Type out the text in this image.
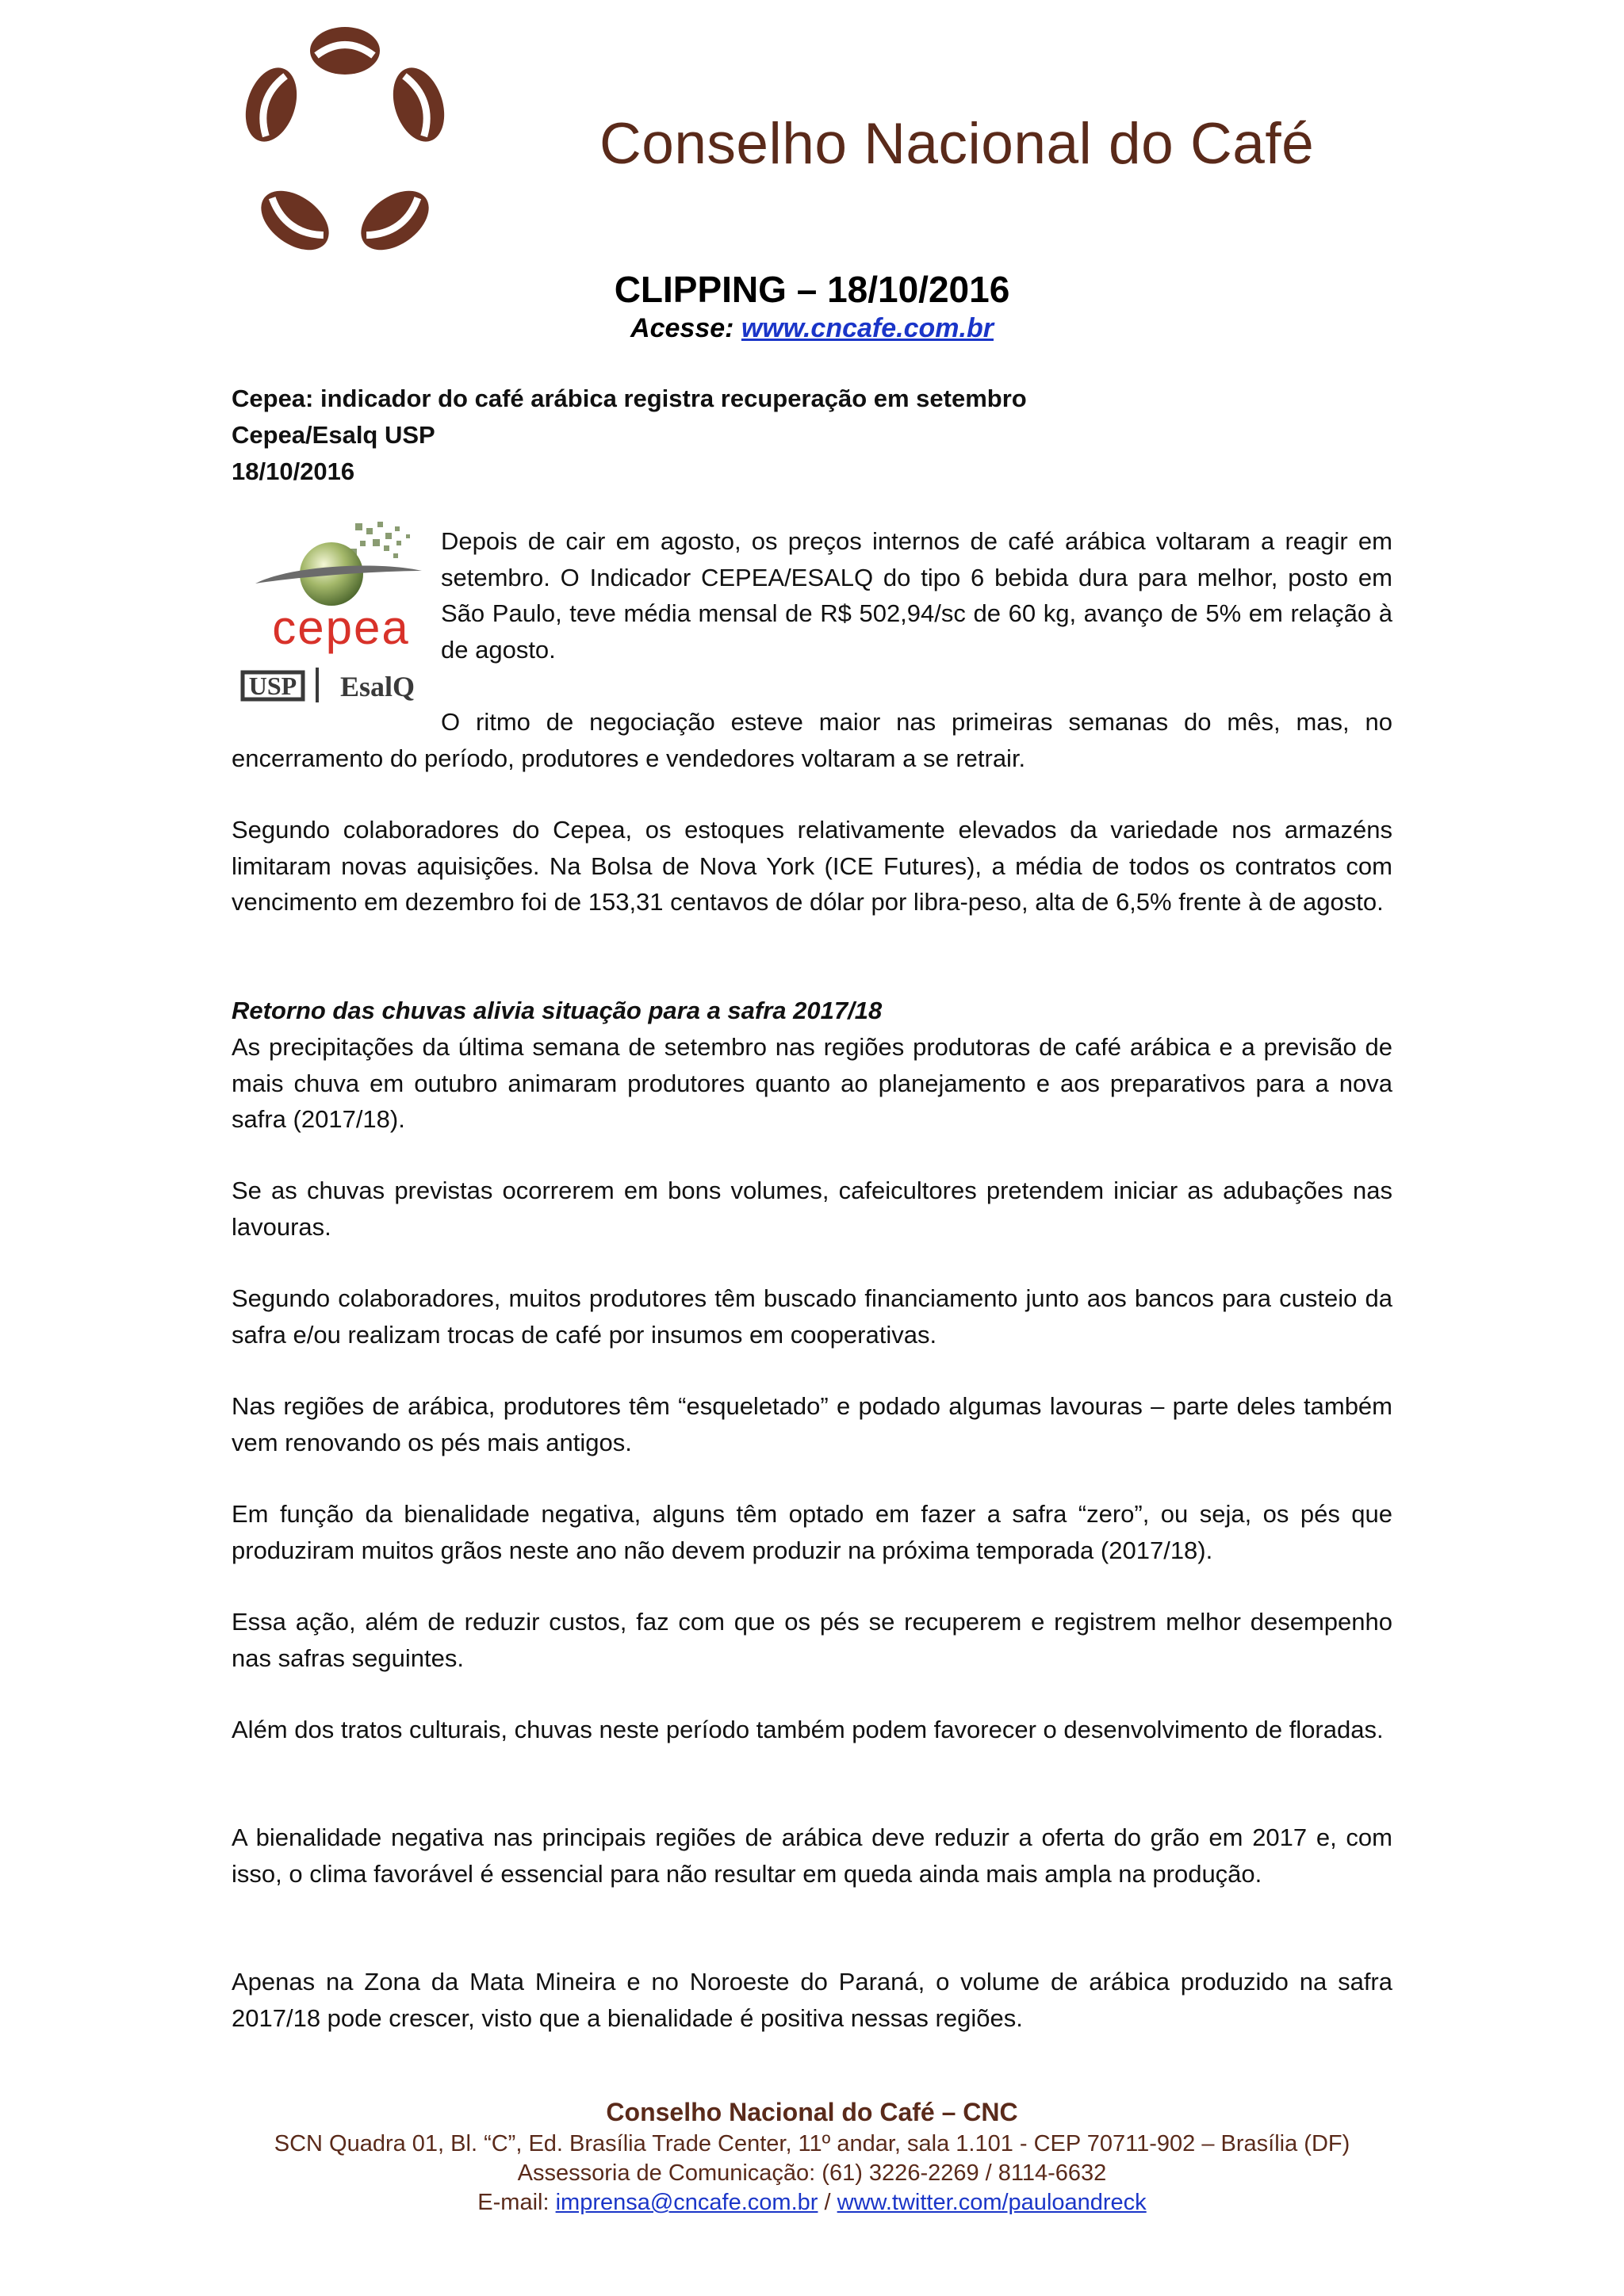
Conselho Nacional do Café
CLIPPING – 18/10/2016
Acesse: www.cncafe.com.br
Cepea: indicador do café arábica registra recuperação em setembro
Cepea/Esalq USP
18/10/2016
cepea
USP EsalQ
Depois de cair em agosto, os preços internos de café arábica voltaram a reagir em setembro. O Indicador CEPEA/ESALQ do tipo 6 bebida dura para melhor, posto em São Paulo, teve média mensal de R$ 502,94/sc de 60 kg, avanço de 5% em relação à de agosto.
O ritmo de negociação esteve maior nas primeiras semanas do mês, mas, no encerramento do período, produtores e vendedores voltaram a se retrair.
Segundo colaboradores do Cepea, os estoques relativamente elevados da variedade nos armazéns limitaram novas aquisições. Na Bolsa de Nova York (ICE Futures), a média de todos os contratos com vencimento em dezembro foi de 153,31 centavos de dólar por libra-peso, alta de 6,5% frente à de agosto.
Retorno das chuvas alivia situação para a safra 2017/18
As precipitações da última semana de setembro nas regiões produtoras de café arábica e a previsão de mais chuva em outubro animaram produtores quanto ao planejamento e aos preparativos para a nova safra (2017/18).
Se as chuvas previstas ocorrerem em bons volumes, cafeicultores pretendem iniciar as adubações nas lavouras.
Segundo colaboradores, muitos produtores têm buscado financiamento junto aos bancos para custeio da safra e/ou realizam trocas de café por insumos em cooperativas.
Nas regiões de arábica, produtores têm “esqueletado” e podado algumas lavouras – parte deles também vem renovando os pés mais antigos.
Em função da bienalidade negativa, alguns têm optado em fazer a safra “zero”, ou seja, os pés que produziram muitos grãos neste ano não devem produzir na próxima temporada (2017/18).
Essa ação, além de reduzir custos, faz com que os pés se recuperem e registrem melhor desempenho nas safras seguintes.
Além dos tratos culturais, chuvas neste período também podem favorecer o desenvolvimento de floradas.
A bienalidade negativa nas principais regiões de arábica deve reduzir a oferta do grão em 2017 e, com isso, o clima favorável é essencial para não resultar em queda ainda mais ampla na produção.
Apenas na Zona da Mata Mineira e no Noroeste do Paraná, o volume de arábica produzido na safra 2017/18 pode crescer, visto que a bienalidade é positiva nessas regiões.
Conselho Nacional do Café – CNC
SCN Quadra 01, Bl. “C”, Ed. Brasília Trade Center, 11º andar, sala 1.101 - CEP 70711-902 – Brasília (DF)
Assessoria de Comunicação: (61) 3226-2269 / 8114-6632
E-mail: imprensa@cncafe.com.br / www.twitter.com/pauloandreck
